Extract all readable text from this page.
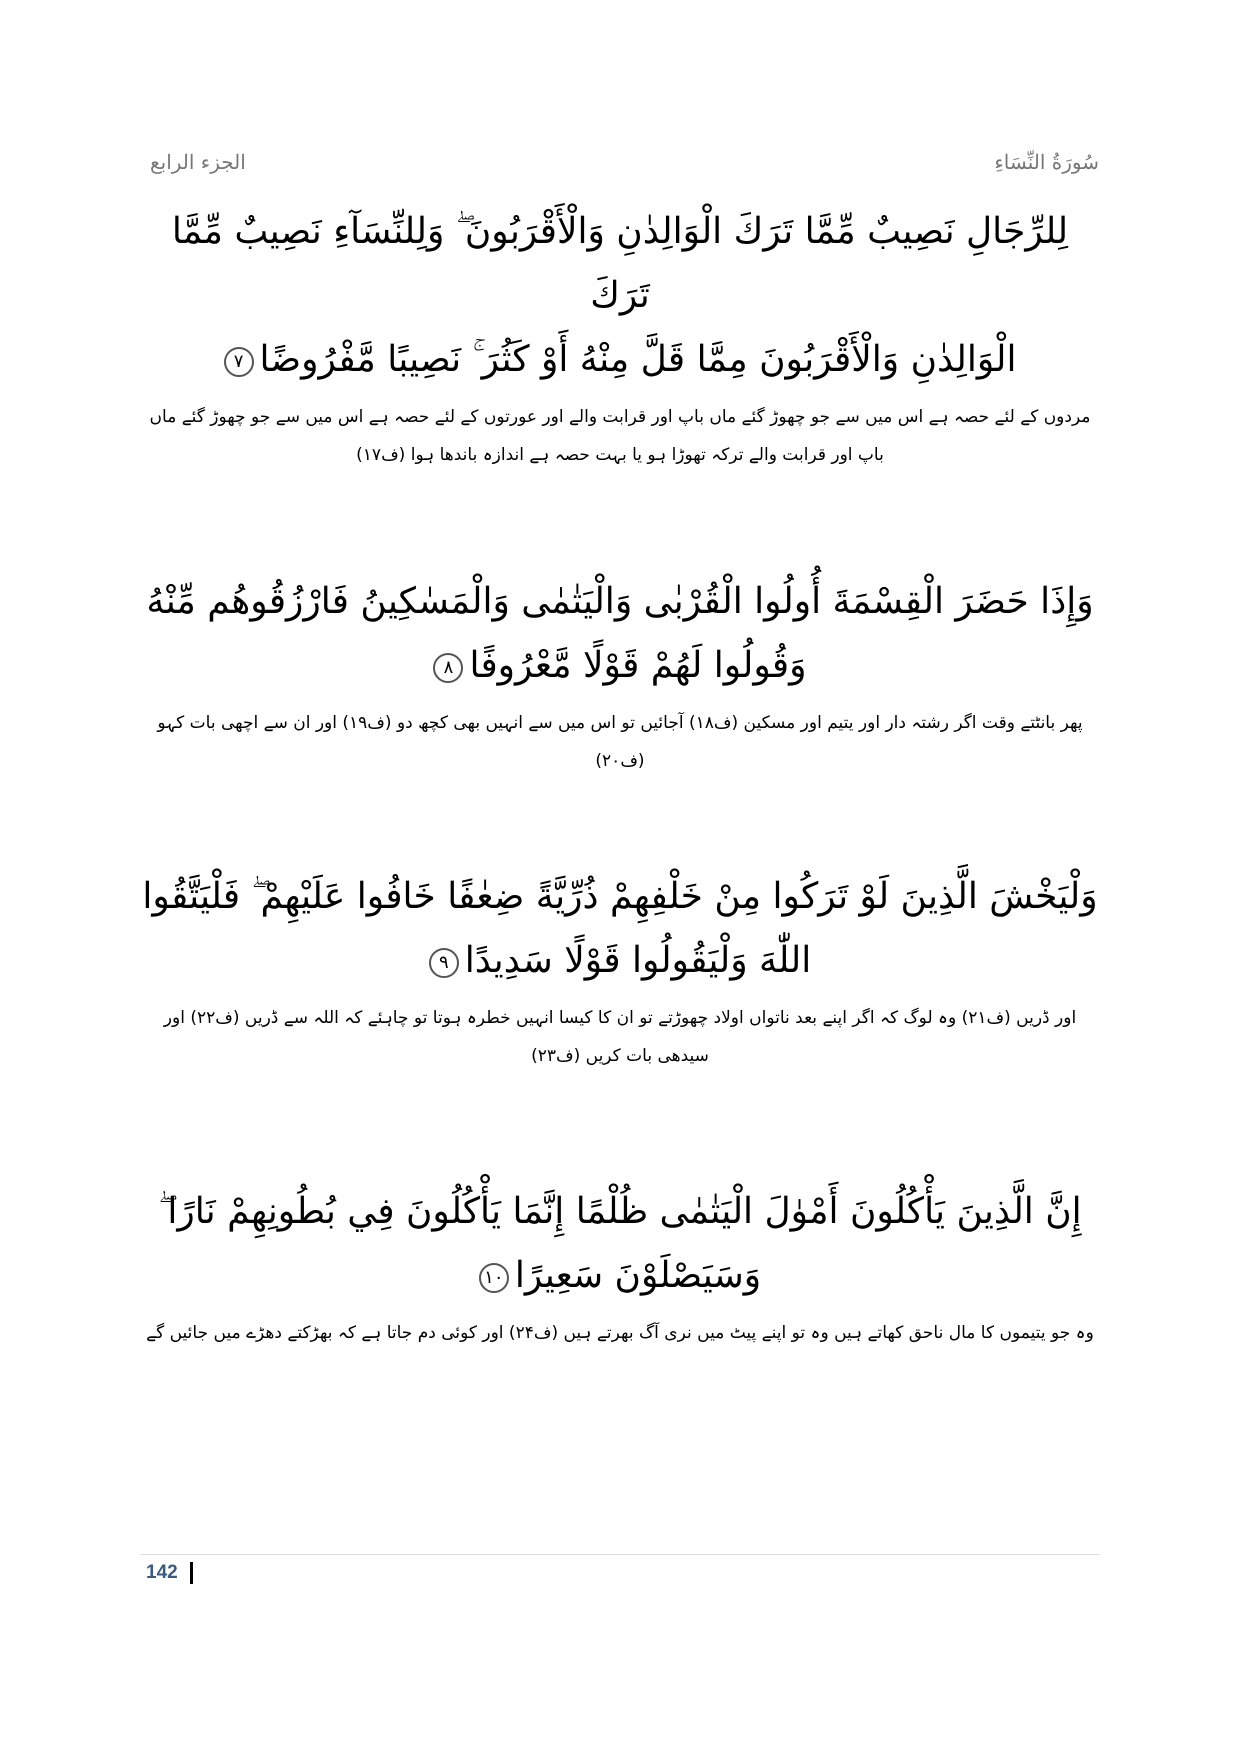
سُورَةُ النِّسَاءِ
الجزء الرابع
لِلرِّجَالِ نَصِيبٌ مِّمَّا تَرَكَ الْوَالِدٰنِ وَالْأَقْرَبُونَ ۖ وَلِلنِّسَآءِ نَصِيبٌ مِّمَّا تَرَكَ
الْوَالِدٰنِ وَالْأَقْرَبُونَ مِمَّا قَلَّ مِنْهُ أَوْ كَثُرَ ۚ نَصِيبًا مَّفْرُوضًا٧
مردوں کے لئے حصہ ہے اس میں سے جو چھوڑ گئے ماں باپ اور قرابت والے اور عورتوں کے لئے حصہ ہے اس میں سے جو چھوڑ گئے ماں باپ اور قرابت والے ترکہ تھوڑا ہو یا بہت حصہ ہے اندازہ باندھا ہوا (ف۱۷)
وَإِذَا حَضَرَ الْقِسْمَةَ أُولُوا الْقُرْبٰى وَالْيَتٰمٰى وَالْمَسٰكِينُ فَارْزُقُوهُم مِّنْهُ
وَقُولُوا لَهُمْ قَوْلًا مَّعْرُوفًا٨
پھر بانٹتے وقت اگر رشتہ دار اور یتیم اور مسکین (ف۱۸) آجائیں تو اس میں سے انہیں بھی کچھ دو (ف۱۹) اور ان سے اچھی بات کہو (ف۲۰)
وَلْيَخْشَ الَّذِينَ لَوْ تَرَكُوا مِنْ خَلْفِهِمْ ذُرِّيَّةً ضِعٰفًا خَافُوا عَلَيْهِمْ ۖ فَلْيَتَّقُوا
اللّٰهَ وَلْيَقُولُوا قَوْلًا سَدِيدًا٩
اور ڈریں (ف۲۱) وہ لوگ کہ اگر اپنے بعد ناتواں اولاد چھوڑتے تو ان کا کیسا انہیں خطرہ ہوتا تو چاہئے کہ اللہ سے ڈریں (ف۲۲) اور سیدھی بات کریں (ف۲۳)
إِنَّ الَّذِينَ يَأْكُلُونَ أَمْوٰلَ الْيَتٰمٰى ظُلْمًا إِنَّمَا يَأْكُلُونَ فِي بُطُونِهِمْ نَارًا ۖ
وَسَيَصْلَوْنَ سَعِيرًا١٠
وہ جو یتیموں کا مال ناحق کھاتے ہیں وہ تو اپنے پیٹ میں نری آگ بھرتے ہیں (ف۲۴) اور کوئی دم جاتا ہے کہ بھڑکتے دھڑے میں جائیں گے
142
